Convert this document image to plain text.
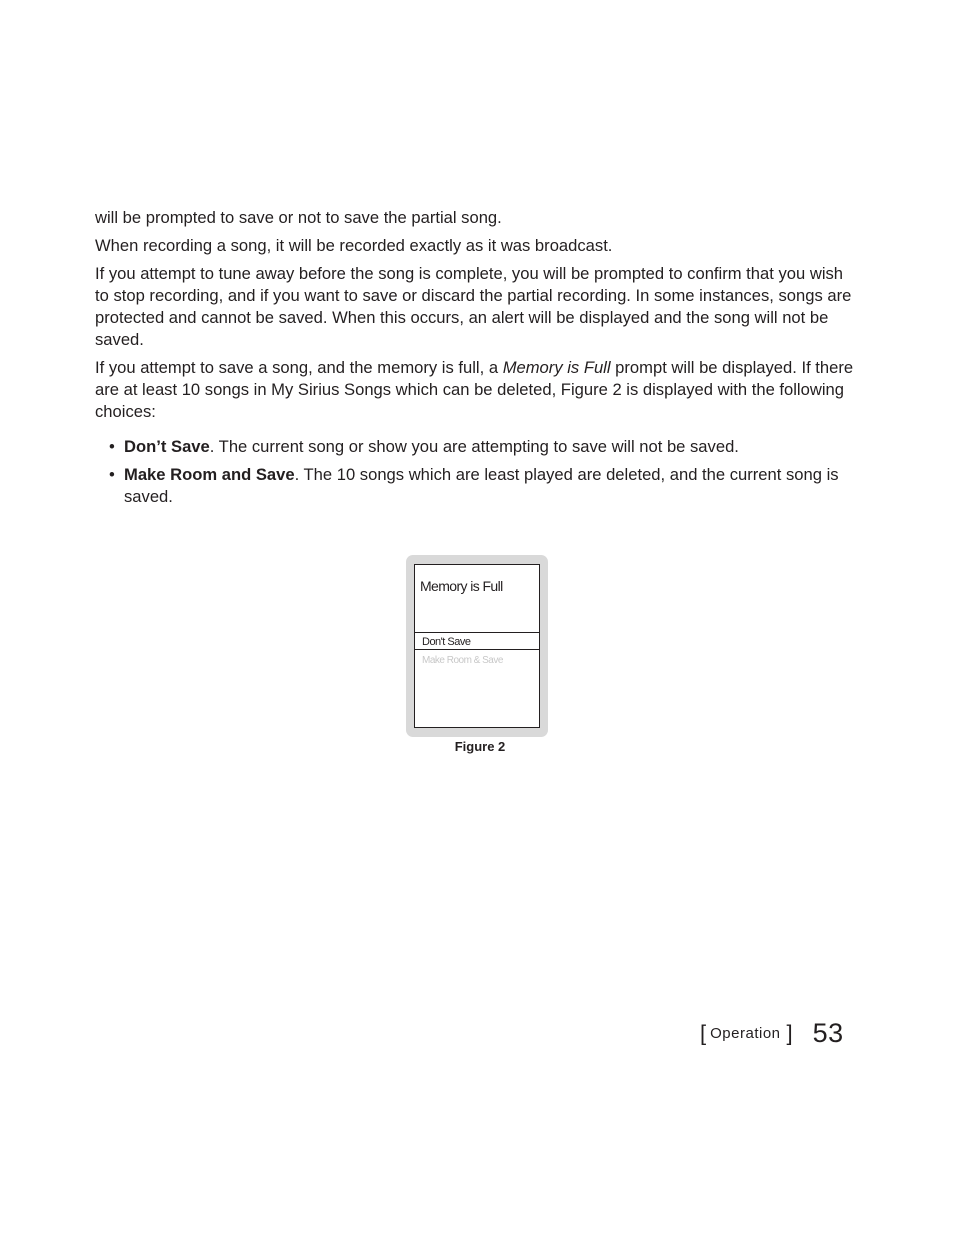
will be prompted to save or not to save the partial song.

When recording a song, it will be recorded exactly as it was broadcast.

If you attempt to tune away before the song is complete, you will be prompted to confirm that you wish to stop recording, and if you want to save or discard the partial recording. In some instances, songs are protected and cannot be saved. When this occurs, an alert will be displayed and the song will not be saved.

If you attempt to save a song, and the memory is full, a Memory is Full prompt will be displayed. If there are at least 10 songs in My Sirius Songs which can be deleted, Figure 2 is displayed with the following choices:

• Don’t Save. The current song or show you are attempting to save will not be saved.
• Make Room and Save. The 10 songs which are least played are deleted, and the current song is saved.
Memory is Full
Don't Save
Make Room & Save
Figure 2
[ Operation ] 53
